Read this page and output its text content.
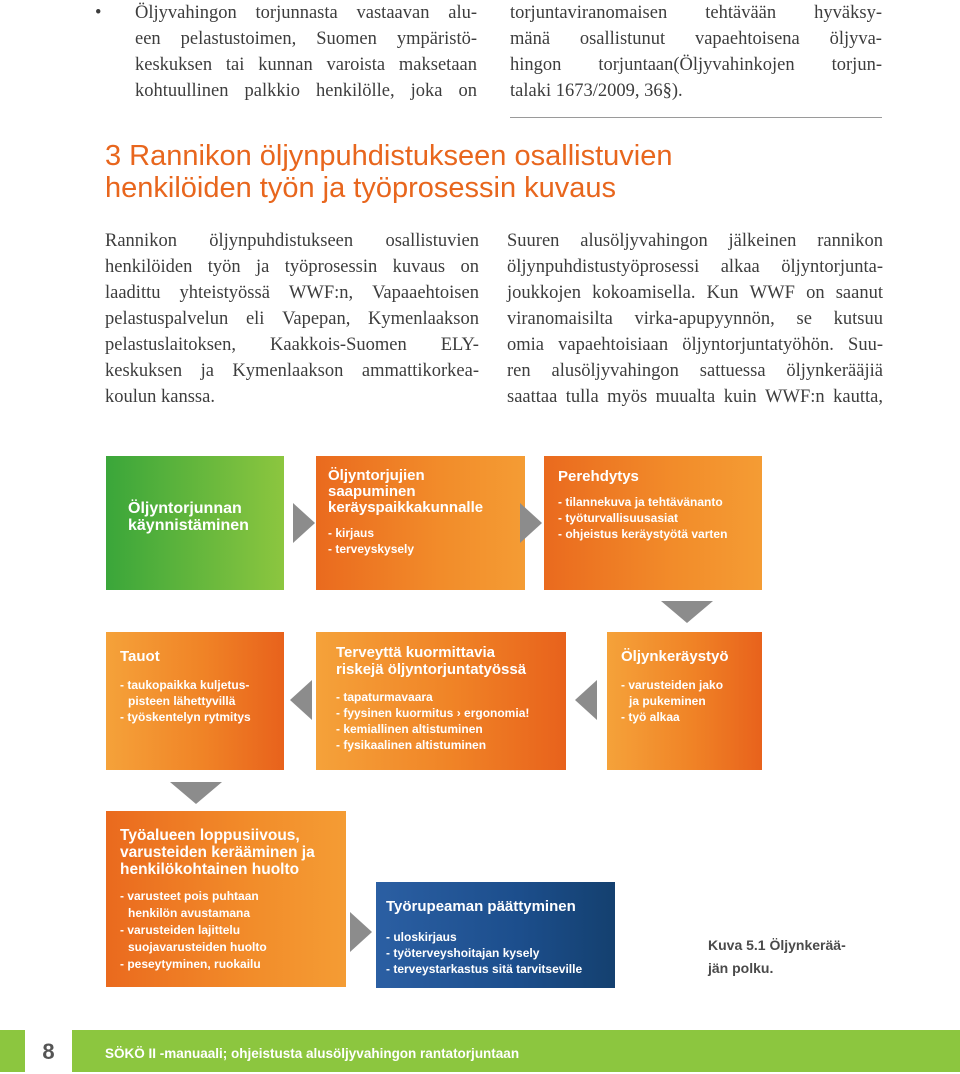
• Öljyvahingon torjunnasta vastaavan alu-
een pelastustoimen, Suomen ympäristö-
keskuksen tai kunnan varoista maksetaan
kohtuullinen palkkio henkilölle, joka on
torjuntaviranomaisen tehtävään hyväksy-
mänä osallistunut vapaehtoisena öljyva-
hingon torjuntaan(Öljyvahinkojen torjun-
talaki 1673/2009, 36§).
3 Rannikon öljynpuhdistukseen osallistuvien
henkilöiden työn ja työprosessin kuvaus
Rannikon öljynpuhdistukseen osallistuvien
henkilöiden työn ja työprosessin kuvaus on
laadittu yhteistyössä WWF:n, Vapaaehtoisen
pelastuspalvelun eli Vapepan, Kymenlaakson
pelastuslaitoksen, Kaakkois-Suomen ELY-
keskuksen ja Kymenlaakson ammattikorkea-
koulun kanssa.
Suuren alusöljyvahingon jälkeinen rannikon
öljynpuhdistustyöprosessi alkaa öljyntorjunta-
joukkojen kokoamisella. Kun WWF on saanut
viranomaisilta virka-apupyynnön, se kutsuu
omia vapaehtoisiaan öljyntorjuntatyöhön. Suu-
ren alusöljyvahingon sattuessa öljynkerääjiä
saattaa tulla myös muualta kuin WWF:n kautta,
Öljyntorjunnan
käynnistäminen
Öljyntorjujien
saapuminen
keräyspaikkakunnalle
- kirjaus
- terveyskysely
Perehdytys
- tilannekuva ja tehtävänanto
- työturvallisuusasiat
- ohjeistus keräystyötä varten
Tauot
- taukopaikka kuljetus-
pisteen lähettyvillä
- työskentelyn rytmitys
Terveyttä kuormittavia
riskejä öljyntorjuntatyössä
- tapaturmavaara
- fyysinen kuormitus › ergonomia!
- kemiallinen altistuminen
- fysikaalinen altistuminen
Öljynkeräystyö
- varusteiden jako
ja pukeminen
- työ alkaa
Työalueen loppusiivous,
varusteiden kerääminen ja
henkilökohtainen huolto
- varusteet pois puhtaan
henkilön avustamana
- varusteiden lajittelu
suojavarusteiden huolto
- peseytyminen, ruokailu
Työrupeaman päättyminen
- uloskirjaus
- työterveyshoitajan kysely
- terveystarkastus sitä tarvitseville
Kuva 5.1 Öljynkerää-
jän polku.
8	SÖKÖ II -manuaali; ohjeistusta alusöljyvahingon rantatorjuntaan
